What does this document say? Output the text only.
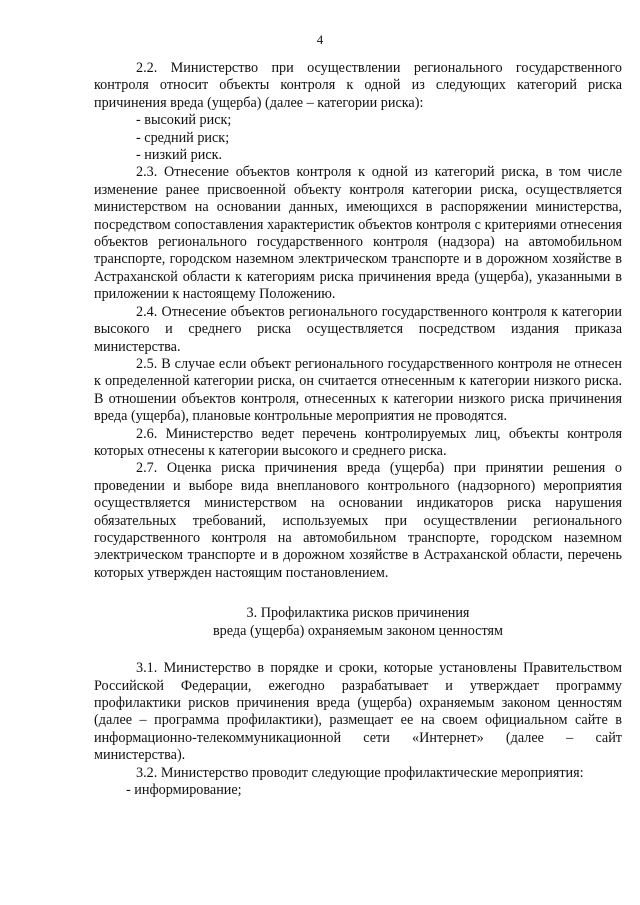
4

2.2. Министерство при осуществлении регионального государственного контроля относит объекты контроля к одной из следующих категорий риска причинения вреда (ущерба) (далее – категории риска):

- высокий риск;

- средний риск;

- низкий риск.

2.3. Отнесение объектов контроля к одной из категорий риска, в том числе изменение ранее присвоенной объекту контроля категории риска, осуществляется министерством на основании данных, имеющихся в распоряжении министерства, посредством сопоставления характеристик объектов контроля с критериями отнесения объектов регионального государственного контроля (надзора) на автомобильном транспорте, городском наземном электрическом транспорте и в дорожном хозяйстве в Астраханской области к категориям риска причинения вреда (ущерба), указанными в приложении к настоящему Положению.

2.4. Отнесение объектов регионального государственного контроля к категории высокого и среднего риска осуществляется посредством издания приказа министерства.

2.5. В случае если объект регионального государственного контроля не отнесен к определенной категории риска, он считается отнесенным к категории низкого риска. В отношении объектов контроля, отнесенных к категории низкого риска причинения вреда (ущерба), плановые контрольные мероприятия не проводятся.

2.6. Министерство ведет перечень контролируемых лиц, объекты контроля которых отнесены к категории высокого и среднего риска.

2.7. Оценка риска причинения вреда (ущерба) при принятии решения о проведении и выборе вида внепланового контрольного (надзорного) мероприятия осуществляется министерством на основании индикаторов риска нарушения обязательных требований, используемых при осуществлении регионального государственного контроля на автомобильном транспорте, городском наземном электрическом транспорте и в дорожном хозяйстве в Астраханской области, перечень которых утвержден настоящим постановлением.

3. Профилактика рисков причинения
вреда (ущерба) охраняемым законом ценностям

3.1. Министерство в порядке и сроки, которые установлены Правительством Российской Федерации, ежегодно разрабатывает и утверждает программу профилактики рисков причинения вреда (ущерба) охраняемым законом ценностям (далее – программа профилактики), размещает ее на своем официальном сайте в информационно-телекоммуникационной сети «Интернет» (далее – сайт министерства).

3.2. Министерство проводит следующие профилактические мероприятия:

- информирование;
